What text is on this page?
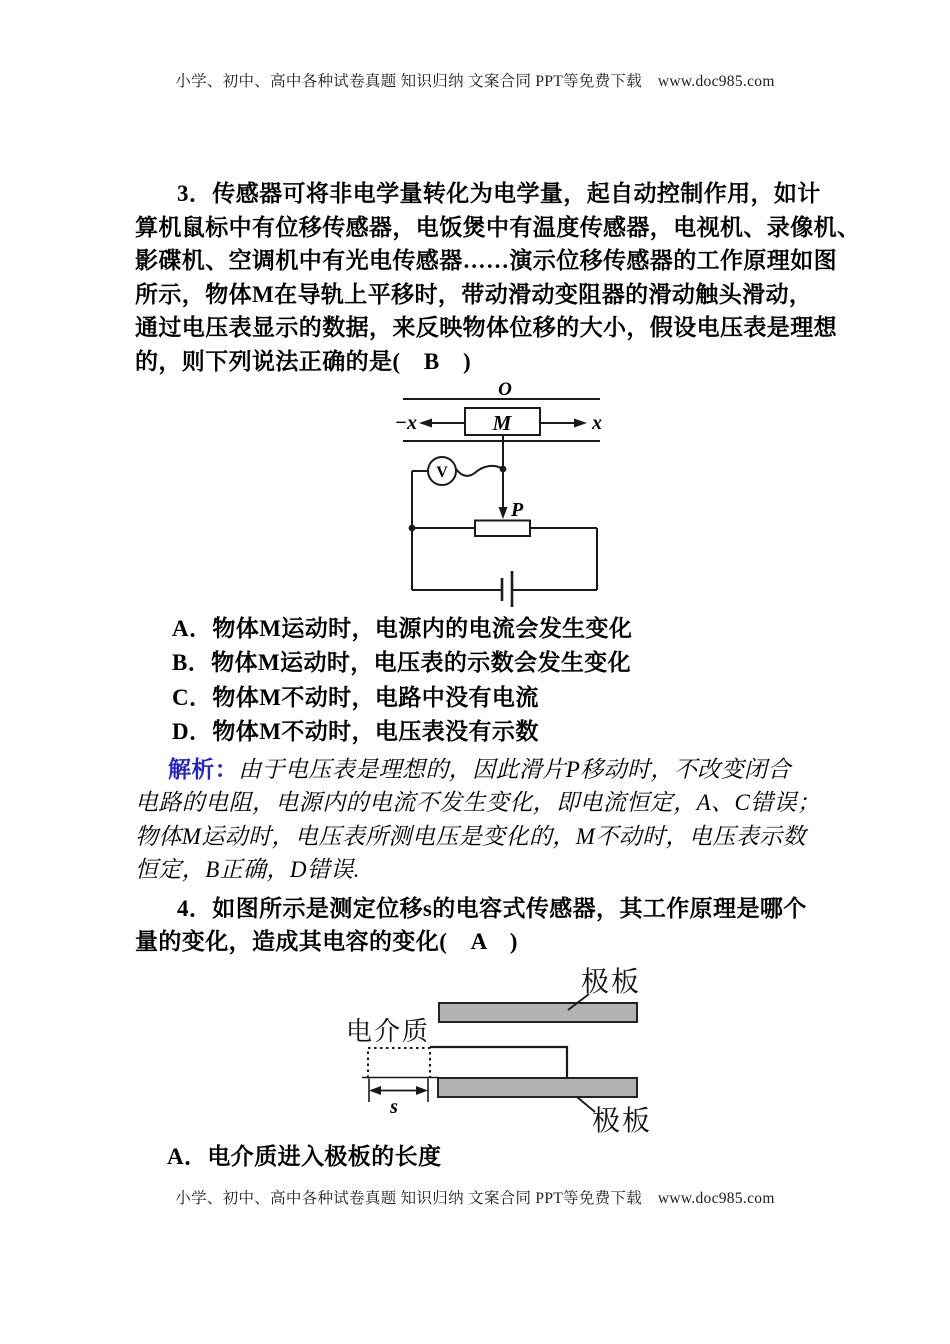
小学、初中、高中各种试卷真题 知识归纳 文案合同 PPT等免费下载　www.doc985.com
3．传感器可将非电学量转化为电学量，起自动控制作用，如计
算机鼠标中有位移传感器，电饭煲中有温度传感器，电视机、录像机、
影碟机、空调机中有光电传感器……演示位移传感器的工作原理如图
所示，物体M在导轨上平移时，带动滑动变阻器的滑动触头滑动，
通过电压表显示的数据，来反映物体位移的大小，假设电压表是理想
的，则下列说法正确的是(　B　)
O
M
−x	x
V
P
A．物体M运动时，电源内的电流会发生变化
B．物体M运动时，电压表的示数会发生变化
C．物体M不动时，电路中没有电流
D．物体M不动时，电压表没有示数
解析：由于电压表是理想的，因此滑片P移动时，不改变闭合
电路的电阻，电源内的电流不发生变化，即电流恒定，A、C错误；
物体M运动时，电压表所测电压是变化的，M不动时，电压表示数
恒定，B正确，D错误.
4．如图所示是测定位移s的电容式传感器，其工作原理是哪个
量的变化，造成其电容的变化(　A　)
极板
电介质
s	极板
A．电介质进入极板的长度
小学、初中、高中各种试卷真题 知识归纳 文案合同 PPT等免费下载　www.doc985.com
